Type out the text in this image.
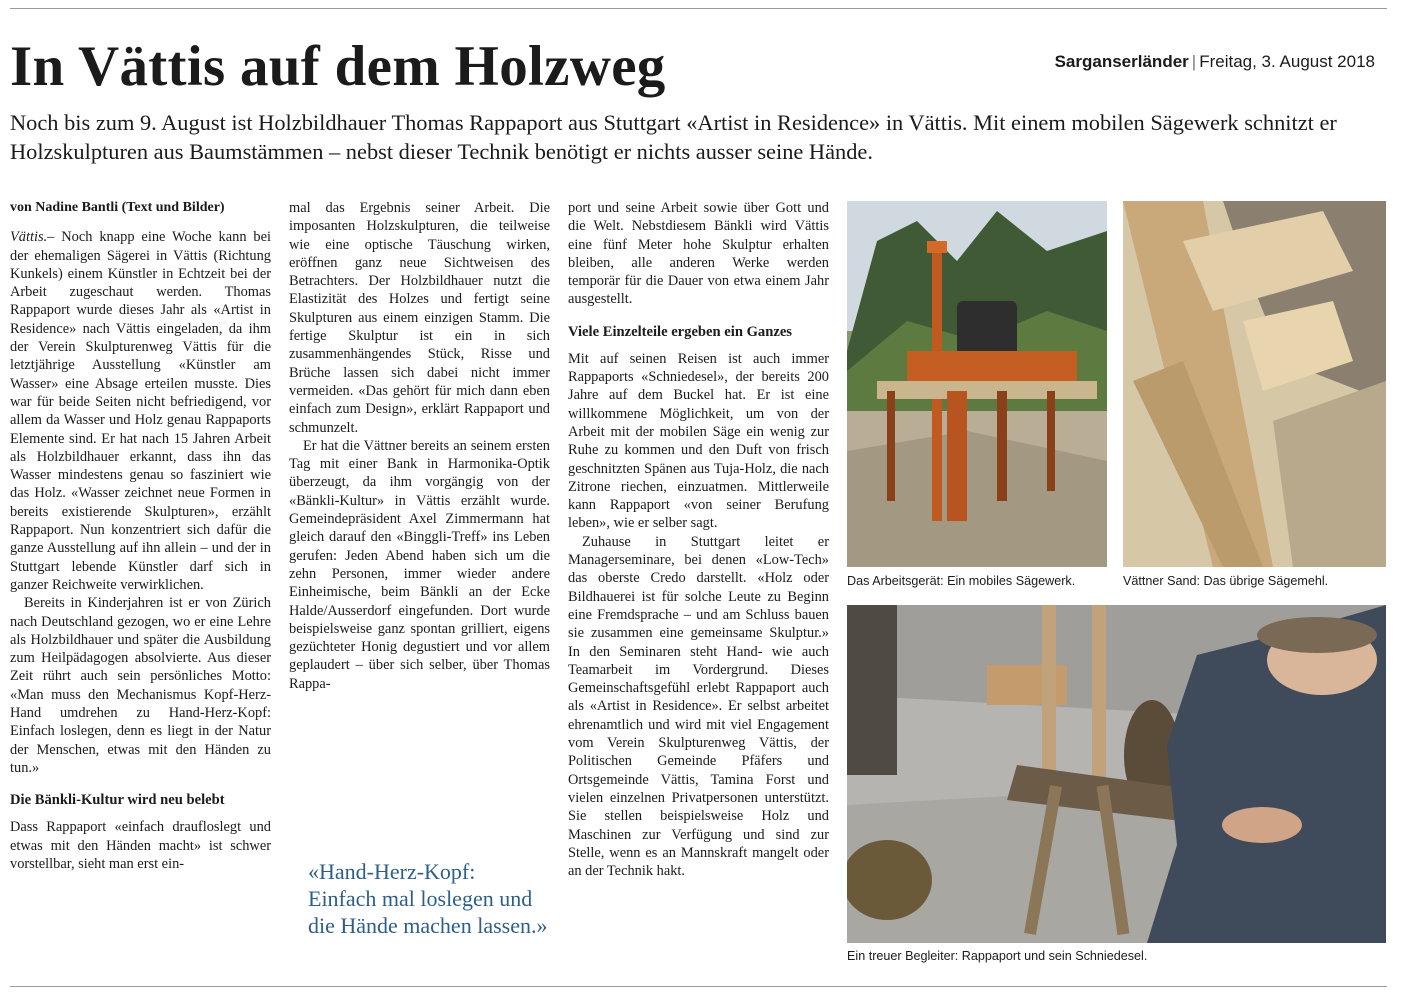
In Vättis auf dem Holzweg	Sarganserländer | Freitag, 3. August 2018

Noch bis zum 9. August ist Holzbildhauer Thomas Rappaport aus Stuttgart «Artist in Residence» in Vättis. Mit einem mobilen Sägewerk schnitzt er Holzskulpturen aus Baumstämmen – nebst dieser Technik benötigt er nichts ausser seine Hände.

von Nadine Bantli (Text und Bilder)

Vättis.– Noch knapp eine Woche kann bei der ehemaligen Sägerei in Vättis (Richtung Kunkels) einem Künstler in Echtzeit bei der Arbeit zugeschaut werden. Thomas Rappaport wurde dieses Jahr als «Artist in Residence» nach Vättis eingeladen, da ihm der Verein Skulpturenweg Vättis für die letztjährige Ausstellung «Künstler am Wasser» eine Absage erteilen musste. Dies war für beide Seiten nicht befriedigend, vor allem da Wasser und Holz genau Rappaports Elemente sind. Er hat nach 15 Jahren Arbeit als Holzbildhauer erkannt, dass ihn das Wasser mindestens genau so fasziniert wie das Holz. «Wasser zeichnet neue Formen in bereits existierende Skulpturen», erzählt Rappaport. Nun konzentriert sich dafür die ganze Ausstellung auf ihn allein – und der in Stuttgart lebende Künstler darf sich in ganzer Reichweite verwirklichen.

Bereits in Kinderjahren ist er von Zürich nach Deutschland gezogen, wo er eine Lehre als Holzbildhauer und später die Ausbildung zum Heilpädagogen absolvierte. Aus dieser Zeit rührt auch sein persönliches Motto: «Man muss den Mechanismus Kopf-Herz-Hand umdrehen zu Hand-Herz-Kopf: Einfach loslegen, denn es liegt in der Natur der Menschen, etwas mit den Händen zu tun.»

Die Bänkli-Kultur wird neu belebt

Dass Rappaport «einfach draufloslegt und etwas mit den Händen macht» ist schwer vorstellbar, sieht man erst ein-

mal das Ergebnis seiner Arbeit. Die imposanten Holzskulpturen, die teilweise wie eine optische Täuschung wirken, eröffnen ganz neue Sichtweisen des Betrachters. Der Holzbildhauer nutzt die Elastizität des Holzes und fertigt seine Skulpturen aus einem einzigen Stamm. Die fertige Skulptur ist ein in sich zusammenhängendes Stück, Risse und Brüche lassen sich dabei nicht immer vermeiden. «Das gehört für mich dann eben einfach zum Design», erklärt Rappaport und schmunzelt.

Er hat die Vättner bereits an seinem ersten Tag mit einer Bank in Harmonika-Optik überzeugt, da ihm vorgängig von der «Bänkli-Kultur» in Vättis erzählt wurde. Gemeindepräsident Axel Zimmermann hat gleich darauf den «Binggli-Treff» ins Leben gerufen: Jeden Abend haben sich um die zehn Personen, immer wieder andere Einheimische, beim Bänkli an der Ecke Halde/Ausserdorf eingefunden. Dort wurde beispielsweise ganz spontan grilliert, eigens gezüchteter Honig degustiert und vor allem geplaudert – über sich selber, über Thomas Rappa-

«Hand-Herz-Kopf: Einfach mal loslegen und die Hände machen lassen.»

port und seine Arbeit sowie über Gott und die Welt. Nebstdiesem Bänkli wird Vättis eine fünf Meter hohe Skulptur erhalten bleiben, alle anderen Werke werden temporär für die Dauer von etwa einem Jahr ausgestellt.

Viele Einzelteile ergeben ein Ganzes

Mit auf seinen Reisen ist auch immer Rappaports «Schniedesel», der bereits 200 Jahre auf dem Buckel hat. Er ist eine willkommene Möglichkeit, um von der Arbeit mit der mobilen Säge ein wenig zur Ruhe zu kommen und den Duft von frisch geschnitzten Spänen aus Tuja-Holz, die nach Zitrone riechen, einzuatmen. Mittlerweile kann Rappaport «von seiner Berufung leben», wie er selber sagt.

Zuhause in Stuttgart leitet er Managerseminare, bei denen «Low-Tech» das oberste Credo darstellt. «Holz oder Bildhauerei ist für solche Leute zu Beginn eine Fremdsprache – und am Schluss bauen sie zusammen eine gemeinsame Skulptur.» In den Seminaren steht Hand- wie auch Teamarbeit im Vordergrund. Dieses Gemeinschaftsgefühl erlebt Rappaport auch als «Artist in Residence». Er selbst arbeitet ehrenamtlich und wird mit viel Engagement vom Verein Skulpturenweg Vättis, der Politischen Gemeinde Pfäfers und Ortsgemeinde Vättis, Tamina Forst und vielen einzelnen Privatpersonen unterstützt. Sie stellen beispielsweise Holz und Maschinen zur Verfügung und sind zur Stelle, wenn es an Mannskraft mangelt oder an der Technik hakt.

Das Arbeitsgerät: Ein mobiles Sägewerk.	Vättner Sand: Das übrige Sägemehl.
Ein treuer Begleiter: Rappaport und sein Schniedesel.
